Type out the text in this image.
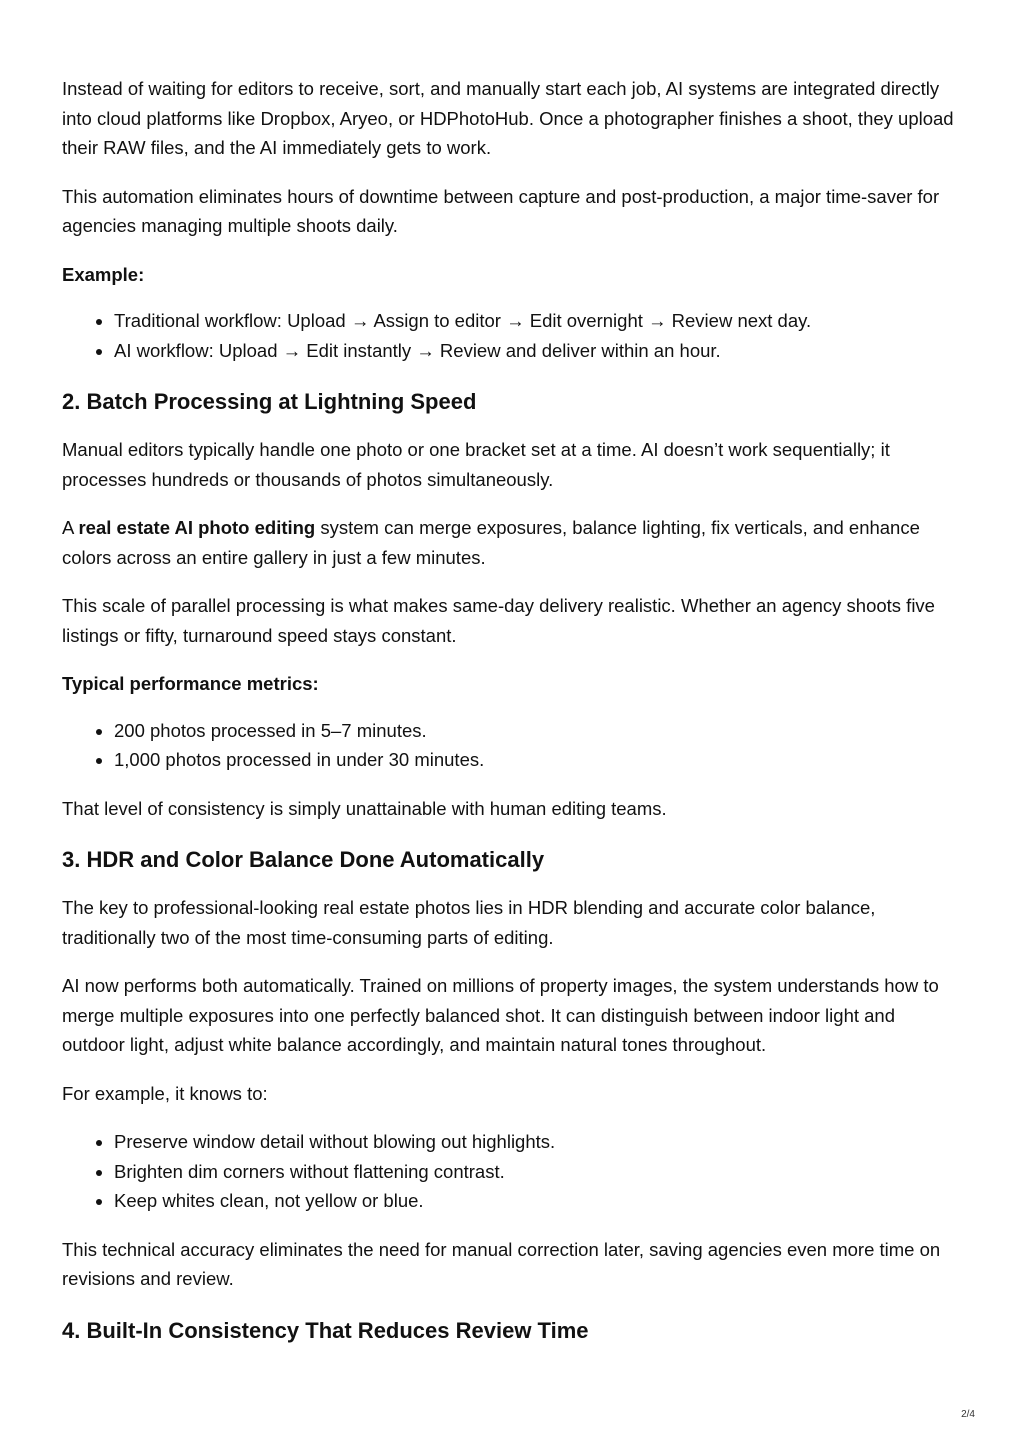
Instead of waiting for editors to receive, sort, and manually start each job, AI systems are integrated directly into cloud platforms like Dropbox, Aryeo, or HDPhotoHub. Once a photographer finishes a shoot, they upload their RAW files, and the AI immediately gets to work.

This automation eliminates hours of downtime between capture and post-production, a major time-saver for agencies managing multiple shoots daily.

Example:

• Traditional workflow: Upload → Assign to editor → Edit overnight → Review next day.
• AI workflow: Upload → Edit instantly → Review and deliver within an hour.
2. Batch Processing at Lightning Speed

Manual editors typically handle one photo or one bracket set at a time. AI doesn’t work sequentially; it processes hundreds or thousands of photos simultaneously.

A real estate AI photo editing system can merge exposures, balance lighting, fix verticals, and enhance colors across an entire gallery in just a few minutes.

This scale of parallel processing is what makes same-day delivery realistic. Whether an agency shoots five listings or fifty, turnaround speed stays constant.

Typical performance metrics:

• 200 photos processed in 5–7 minutes.
• 1,000 photos processed in under 30 minutes.

That level of consistency is simply unattainable with human editing teams.

3. HDR and Color Balance Done Automatically

The key to professional-looking real estate photos lies in HDR blending and accurate color balance, traditionally two of the most time-consuming parts of editing.

AI now performs both automatically. Trained on millions of property images, the system understands how to merge multiple exposures into one perfectly balanced shot. It can distinguish between indoor light and outdoor light, adjust white balance accordingly, and maintain natural tones throughout.

For example, it knows to:

• Preserve window detail without blowing out highlights.
• Brighten dim corners without flattening contrast.
• Keep whites clean, not yellow or blue.

This technical accuracy eliminates the need for manual correction later, saving agencies even more time on revisions and review.

4. Built-In Consistency That Reduces Review Time
2/4
